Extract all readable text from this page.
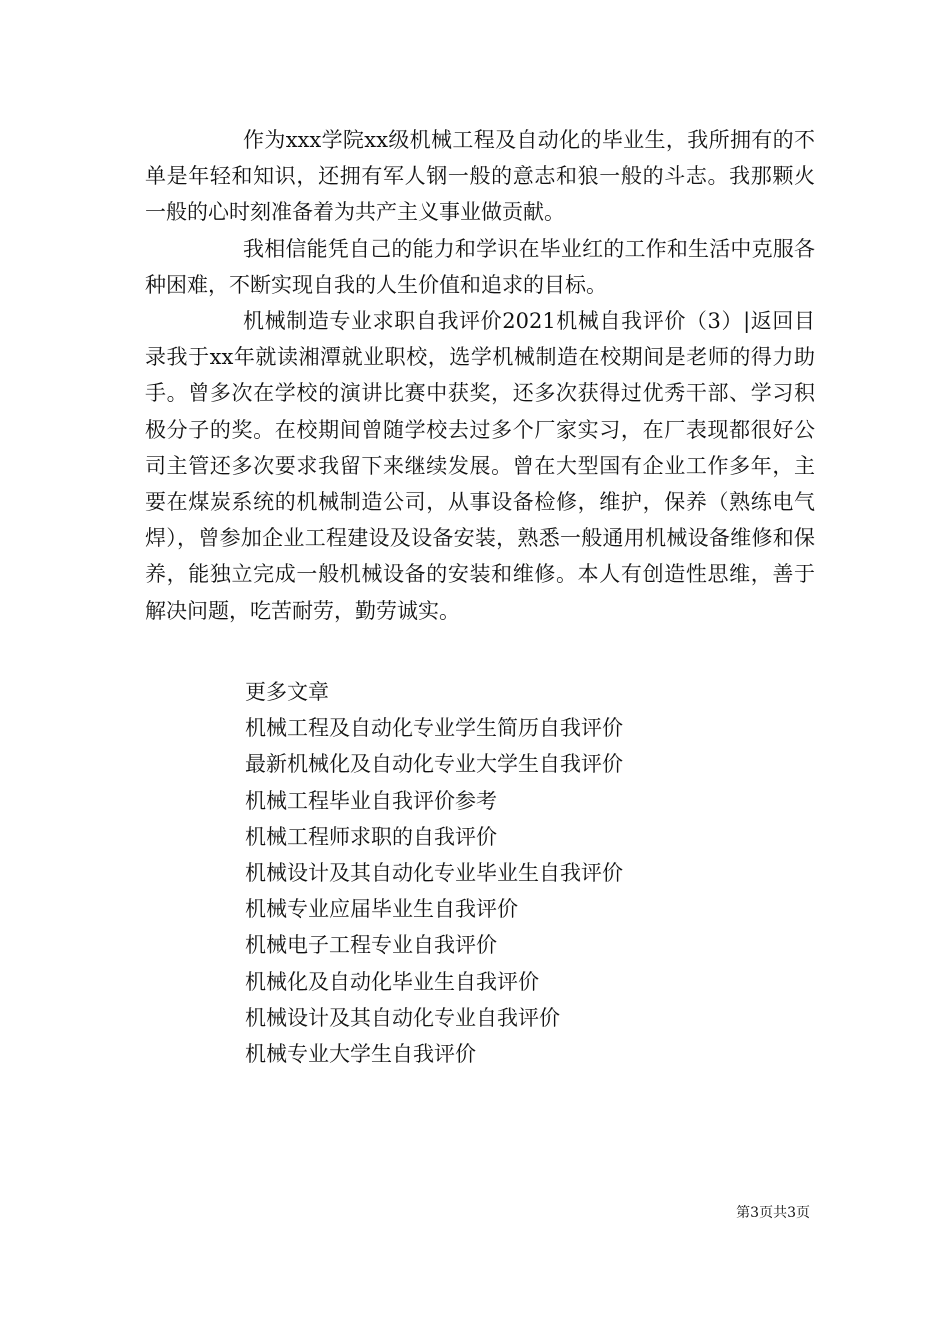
作为xxx学院xx级机械工程及自动化的毕业生，我所拥有的不单是年轻和知识，还拥有军人钢一般的意志和狼一般的斗志。我那颗火一般的心时刻准备着为共产主义事业做贡献。

我相信能凭自己的能力和学识在毕业红的工作和生活中克服各种困难，不断实现自我的人生价值和追求的目标。

机械制造专业求职自我评价2021机械自我评价（3）|返回目录我于xx年就读湘潭就业职校，选学机械制造在校期间是老师的得力助手。曾多次在学校的演讲比赛中获奖，还多次获得过优秀干部、学习积极分子的奖。在校期间曾随学校去过多个厂家实习，在厂表现都很好公司主管还多次要求我留下来继续发展。曾在大型国有企业工作多年，主要在煤炭系统的机械制造公司，从事设备检修，维护，保养（熟练电气焊），曾参加企业工程建设及设备安装，熟悉一般通用机械设备维修和保养，能独立完成一般机械设备的安装和维修。本人有创造性思维，善于解决问题，吃苦耐劳，勤劳诚实。

更多文章
机械工程及自动化专业学生简历自我评价
最新机械化及自动化专业大学生自我评价
机械工程毕业自我评价参考
机械工程师求职的自我评价
机械设计及其自动化专业毕业生自我评价
机械专业应届毕业生自我评价
机械电子工程专业自我评价
机械化及自动化毕业生自我评价
机械设计及其自动化专业自我评价
机械专业大学生自我评价
第3页共3页
